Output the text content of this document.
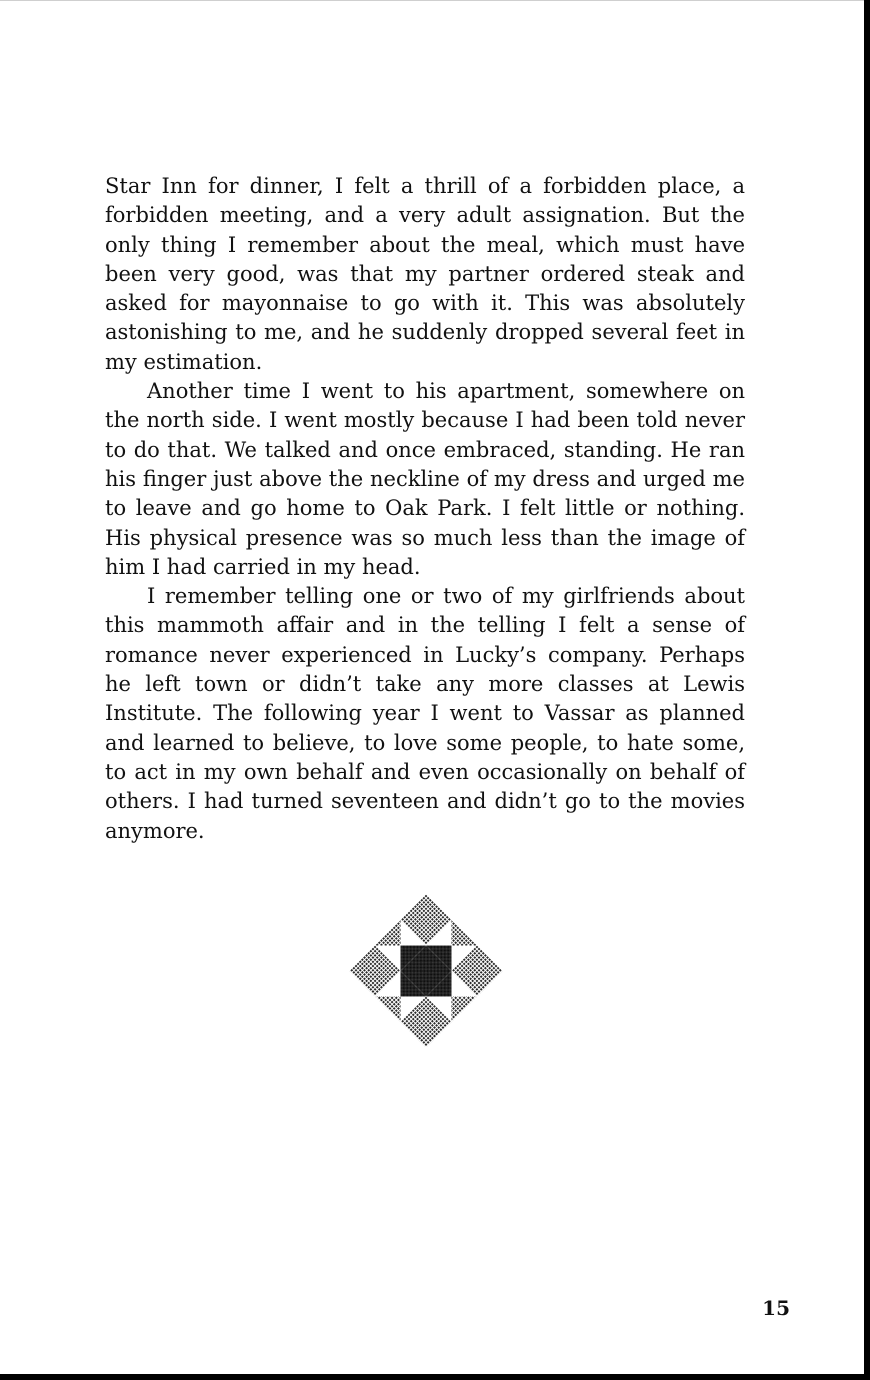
Star Inn for dinner, I felt a thrill of a forbidden place, a forbidden meeting, and a very adult assignation. But the only thing I remember about the meal, which must have been very good, was that my partner ordered steak and asked for mayonnaise to go with it. This was absolutely astonishing to me, and he suddenly dropped several feet in my estimation.

Another time I went to his apartment, somewhere on the north side. I went mostly because I had been told never to do that. We talked and once embraced, standing. He ran his finger just above the neckline of my dress and urged me to leave and go home to Oak Park. I felt little or nothing. His physical presence was so much less than the image of him I had carried in my head.

I remember telling one or two of my girlfriends about this mammoth affair and in the telling I felt a sense of romance never experienced in Lucky’s company. Perhaps he left town or didn’t take any more classes at Lewis Institute. The following year I went to Vassar as planned and learned to believe, to love some people, to hate some, to act in my own behalf and even occasionally on behalf of others. I had turned seventeen and didn’t go to the movies anymore.

15
